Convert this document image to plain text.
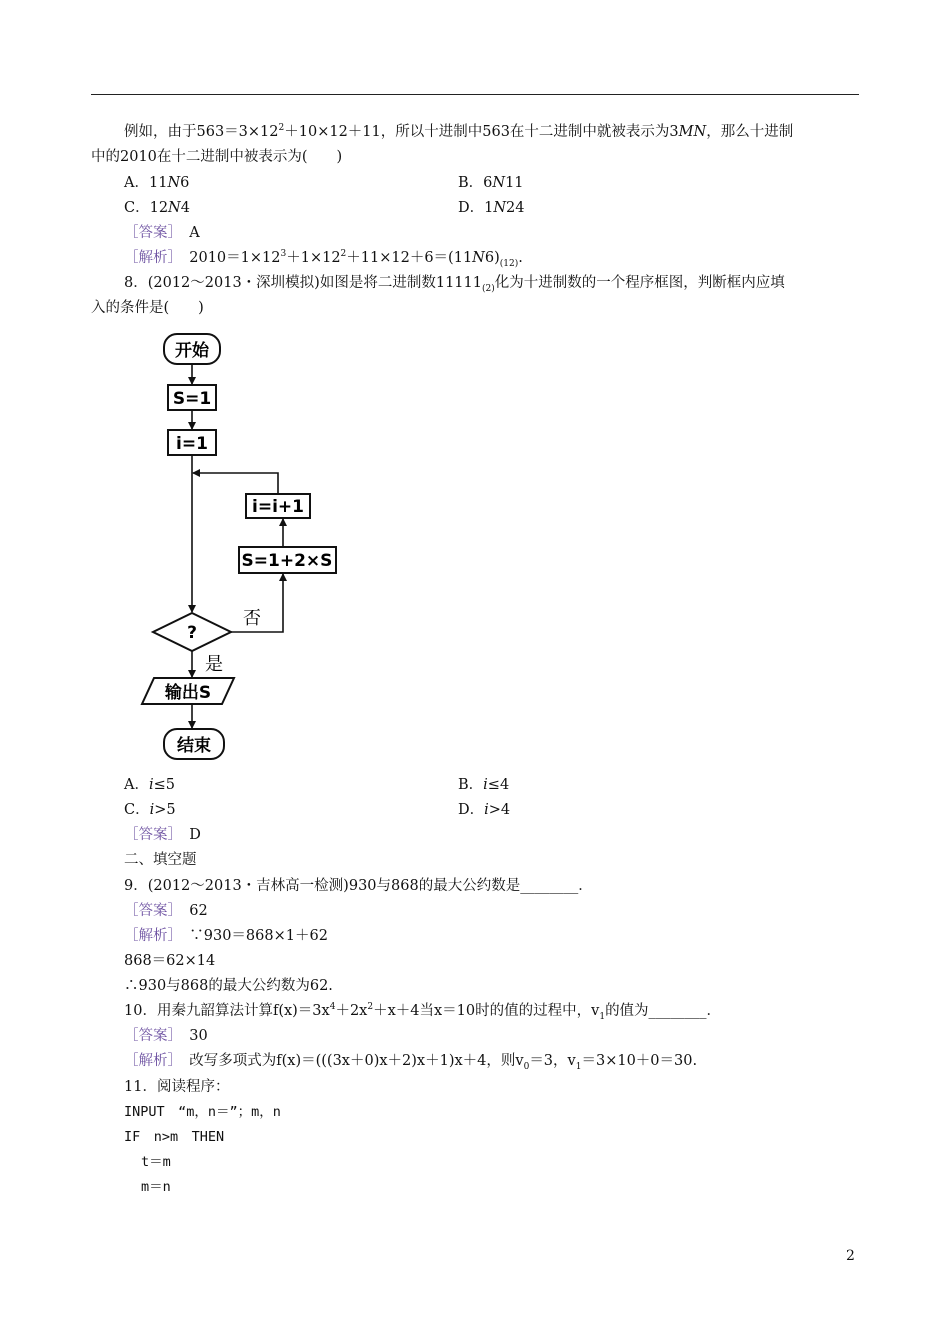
例如，由于$563=3\times 12^2+10\times 12+11$，所以十进制中563在十二进制中就被表示为3MN，那么十进制
中的2010在十二进制中被表示为(　　)
A．11N6	B．6N11
C．12N4	D．1N24
［答案］　 A
［解析］　 $2010=1\times 12^3+1\times 12^2+11\times 12+6=(11N6)_{(12)}$.
8．(2012～2013・深圳模拟)如图是将二进制数$11111_{(2)}$化为十进制数的一个程序框图，判断框内应填
入的条件是(　　)
开始
S=1
i=1
i=i+1
S=1+2×S
?
否
是
输出S
结束
A．i≤5	B．i≤4
C．i>5	D．i>4
［答案］　 D
二、填空题
9．(2012～2013・吉林高一检测)930与868的最大公约数是________．
［答案］　 62
［解析］　 ∵930＝868×1＋62
868＝62×14
∴930与868的最大公约数为62.
10．用秦九韶算法计算$f(x)=3x^4+2x^2+x+4$当x＝10时的值的过程中，$v_1$的值为________．
［答案］　 30
［解析］　 改写多项式为f(x)＝(((3x＋0)x＋2)x＋1)x＋4，则$v_0=3$，$v_1=3\times 10+0=30$.
11．阅读程序：
INPUT　“m，n＝”；m，n
IF　n>m　THEN
t＝m
m＝n
2
